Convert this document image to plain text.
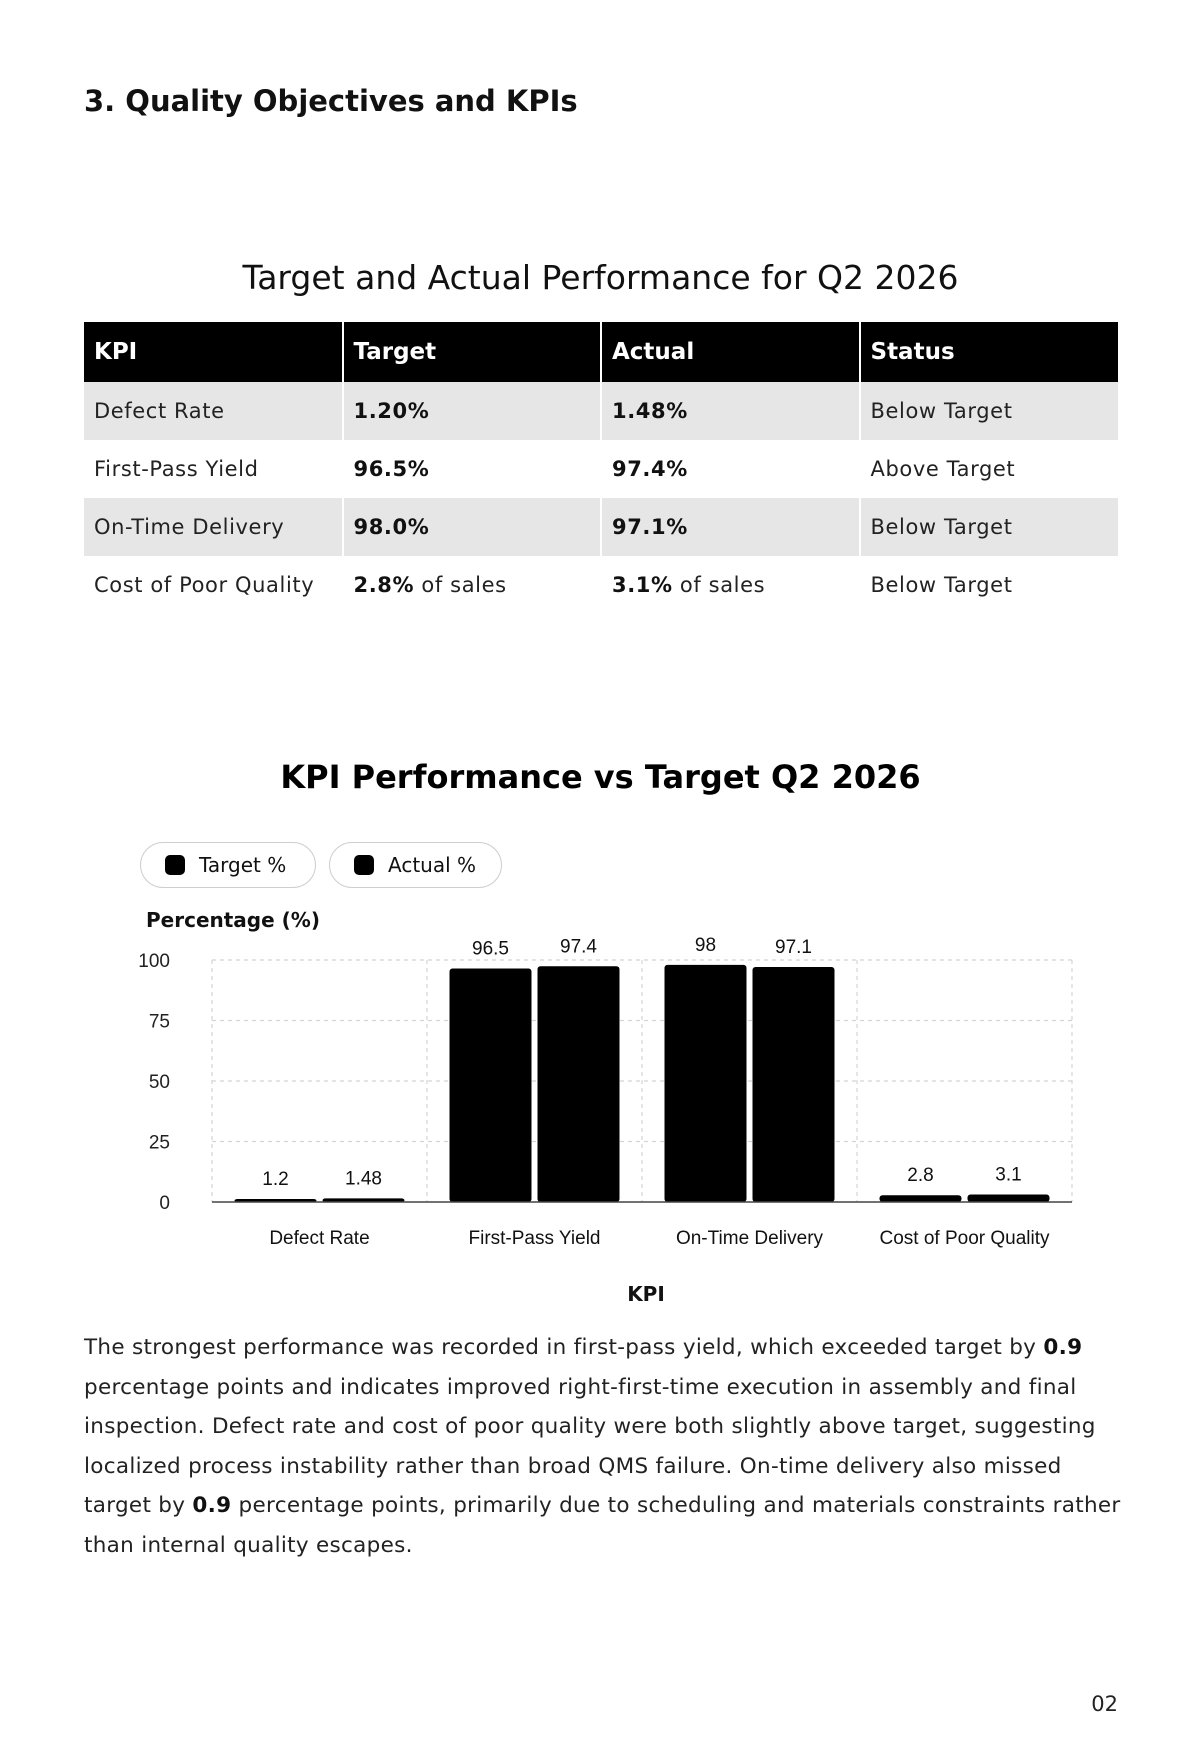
3. Quality Objectives and KPIs
Target and Actual Performance for Q2 2026
KPI	Target	Actual	Status
Defect Rate	1.20%	1.48%	Below Target
First-Pass Yield	96.5%	97.4%	Above Target
On-Time Delivery	98.0%	97.1%	Below Target
Cost of Poor Quality	2.8% of sales	3.1% of sales	Below Target
KPI Performance vs Target Q2 2026
Target %	Actual %
Percentage (%)
0
25
50
75
100
1.2	1.48
Defect Rate
96.5	97.4
First-Pass Yield
98	97.1
On-Time Delivery
2.8	3.1
Cost of Poor Quality
KPI

The strongest performance was recorded in first-pass yield, which exceeded target by 0.9 percentage points and indicates improved right-first-time execution in assembly and final inspection. Defect rate and cost of poor quality were both slightly above target, suggesting localized process instability rather than broad QMS failure. On-time delivery also missed target by 0.9 percentage points, primarily due to scheduling and materials constraints rather than internal quality escapes.

02
